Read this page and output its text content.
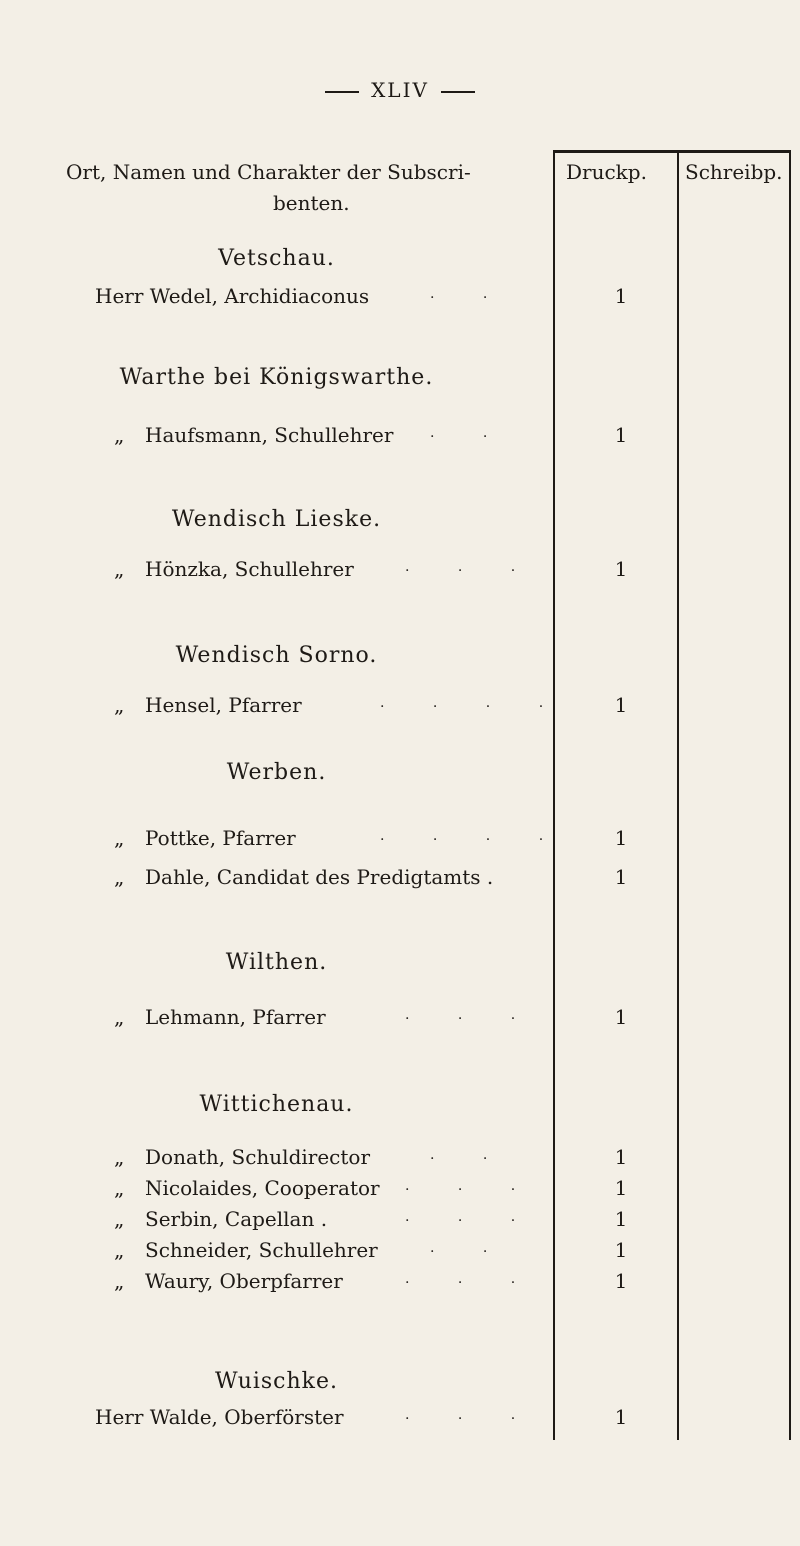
XLIV
Ort, Namen und Charakter der Subscri-
benten.
Druckp. Schreibp.
Vetschau.
Herr Wedel, Archidiaconus	. .	1
Warthe bei Königswarthe.
„ Haufsmann, Schullehrer	. .	1
Wendisch Lieske.
„ Hönzka, Schullehrer	. . .	1
Wendisch Sorno.
„ Hensel, Pfarrer	. . . . 1
Werben.
„ Pottke, Pfarrer	. . . . 1
„ Dahle, Candidat des Predigtamts .	1
Wilthen.
„ Lehmann, Pfarrer	. . .	1
Wittichenau.
„ Donath, Schuldirector	. .	1
„ Nicolaides, Cooperator . . .	1
„ Serbin, Capellan .	. . .	1
„ Schneider, Schullehrer	. .	1
„ Waury, Oberpfarrer	. . .	1
Wuischke.
Herr Walde, Oberförster	. . .	1
